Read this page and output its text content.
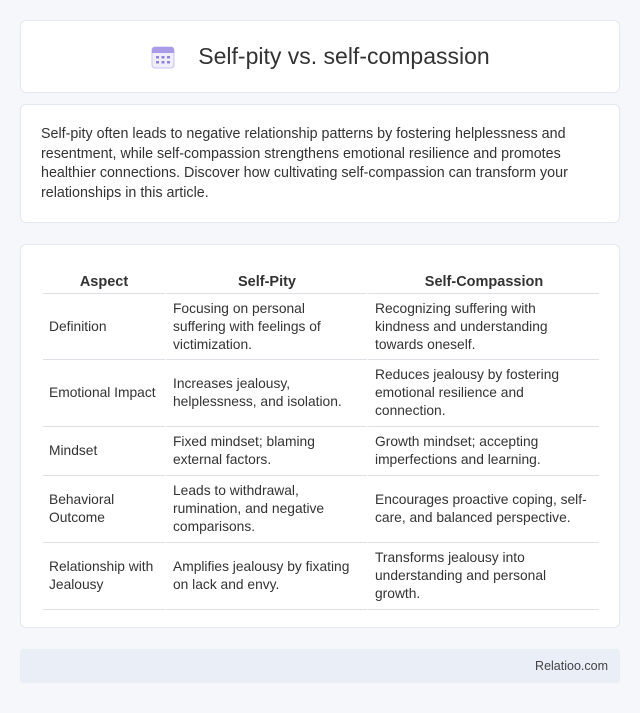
Self-pity vs. self-compassion

Self-pity often leads to negative relationship patterns by fostering helplessness and resentment, while self-compassion strengthens emotional resilience and promotes healthier connections. Discover how cultivating self-compassion can transform your relationships in this article.

Aspect	Self-Pity	Self-Compassion
Definition	Focusing on personal suffering with feelings of victimization.	Recognizing suffering with kindness and understanding towards oneself.
Emotional Impact	Increases jealousy, helplessness, and isolation.	Reduces jealousy by fostering emotional resilience and connection.
Mindset	Fixed mindset; blaming external factors.	Growth mindset; accepting imperfections and learning.
Behavioral Outcome	Leads to withdrawal, rumination, and negative comparisons.	Encourages proactive coping, self-care, and balanced perspective.
Relationship with Jealousy	Amplifies jealousy by fixating on lack and envy.	Transforms jealousy into understanding and personal growth.
Relatioo.com
